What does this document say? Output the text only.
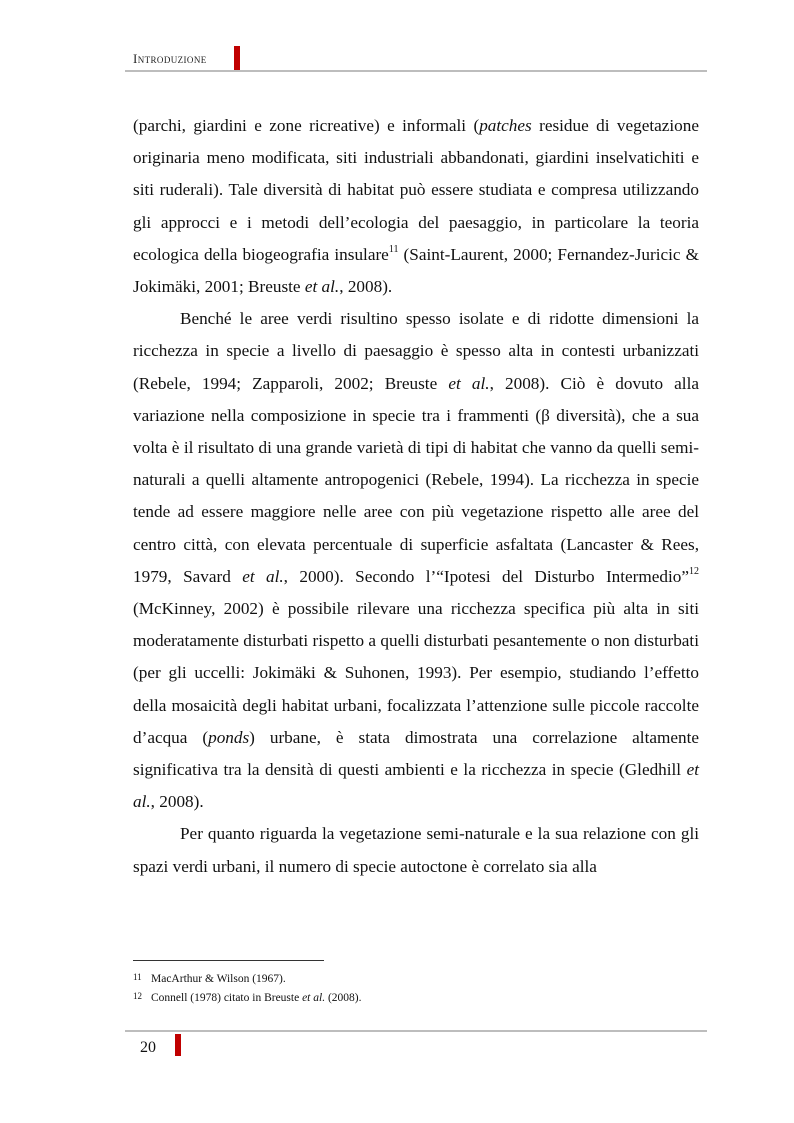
Introduzione

(parchi, giardini e zone ricreative) e informali (patches residue di vegetazione originaria meno modificata, siti industriali abbandonati, giardini inselvatichiti e siti ruderali). Tale diversità di habitat può essere studiata e compresa utilizzando gli approcci e i metodi dell’ecologia del paesaggio, in particolare la teoria ecologica della biogeografia insulare$^{11}$ (Saint-Laurent, 2000; Fernandez-Juricic & Jokimäki, 2001; Breuste et al., 2008).

Benché le aree verdi risultino spesso isolate e di ridotte dimensioni la ricchezza in specie a livello di paesaggio è spesso alta in contesti urbanizzati (Rebele, 1994; Zapparoli, 2002; Breuste et al., 2008). Ciò è dovuto alla variazione nella composizione in specie tra i frammenti (β diversità), che a sua volta è il risultato di una grande varietà di tipi di habitat che vanno da quelli semi-naturali a quelli altamente antropogenici (Rebele, 1994). La ricchezza in specie tende ad essere maggiore nelle aree con più vegetazione rispetto alle aree del centro città, con elevata percentuale di superficie asfaltata (Lancaster & Rees, 1979, Savard et al., 2000). Secondo l’“Ipotesi del Disturbo Intermedio”$^{12}$ (McKinney, 2002) è possibile rilevare una ricchezza specifica più alta in siti moderatamente disturbati rispetto a quelli disturbati pesantemente o non disturbati (per gli uccelli: Jokimäki & Suhonen, 1993). Per esempio, studiando l’effetto della mosaicità degli habitat urbani, focalizzata l’attenzione sulle piccole raccolte d’acqua (ponds) urbane, è stata dimostrata una correlazione altamente significativa tra la densità di questi ambienti e la ricchezza in specie (Gledhill et al., 2008).

Per quanto riguarda la vegetazione semi-naturale e la sua relazione con gli spazi verdi urbani, il numero di specie autoctone è correlato sia alla

11 MacArthur & Wilson (1967).
12 Connell (1978) citato in Breuste et al. (2008).
20
